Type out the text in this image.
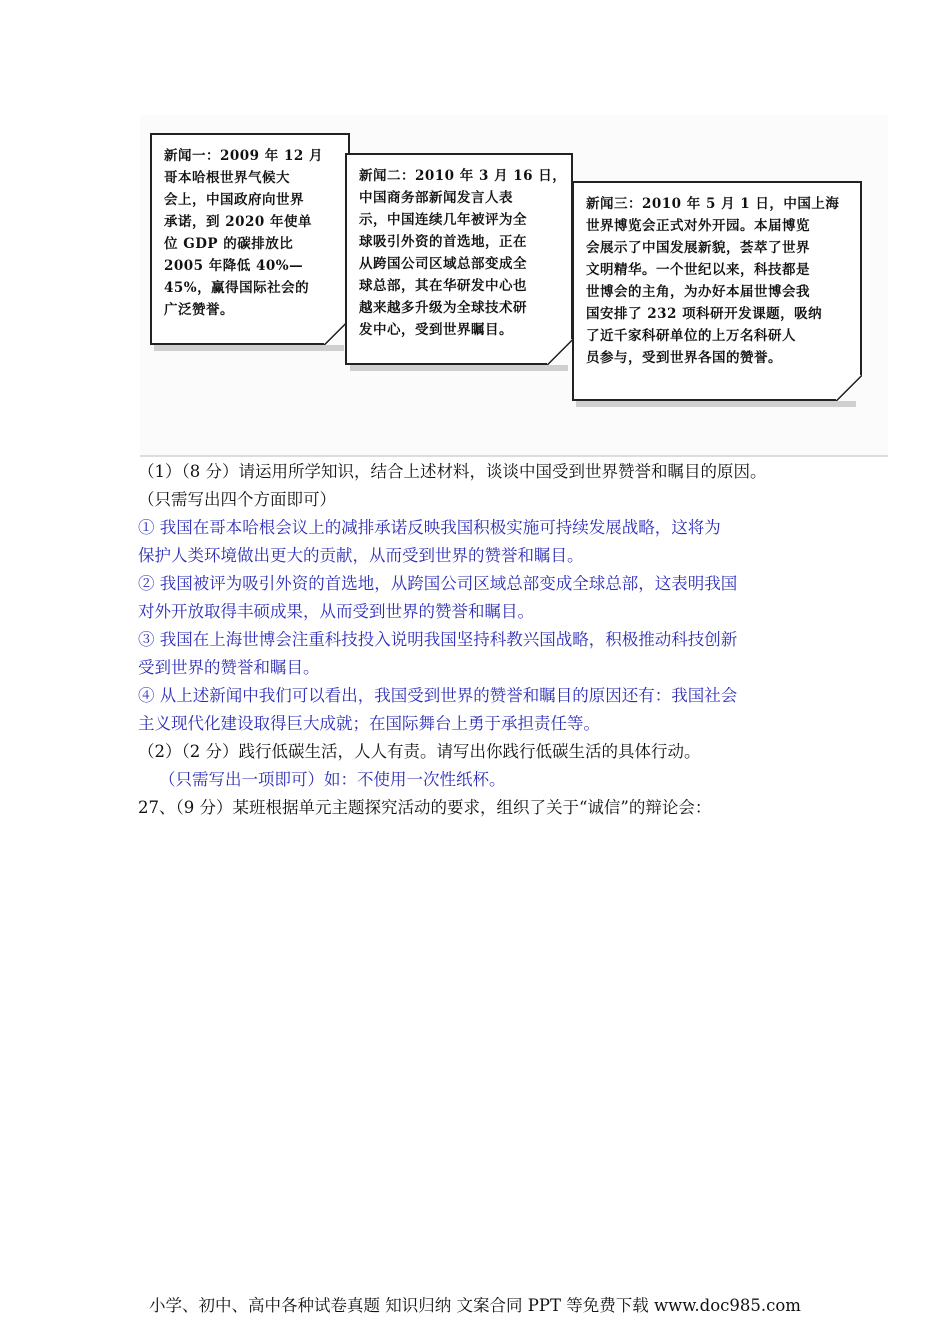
新闻一：2009 年 12 月
哥本哈根世界气候大
会上，中国政府向世界
承诺，到 2020 年使单
位 GDP 的碳排放比
2005 年降低 40%—
45%，赢得国际社会的
广泛赞誉。
新闻二：2010 年 3 月 16 日，
中国商务部新闻发言人表
示，中国连续几年被评为全
球吸引外资的首选地，正在
从跨国公司区域总部变成全
球总部，其在华研发中心也
越来越多升级为全球技术研
发中心，受到世界瞩目。
新闻三：2010 年 5 月 1 日，中国上海
世界博览会正式对外开园。本届博览
会展示了中国发展新貌，荟萃了世界
文明精华。一个世纪以来，科技都是
世博会的主角，为办好本届世博会我
国安排了 232 项科研开发课题，吸纳
了近千家科研单位的上万名科研人
员参与，受到世界各国的赞誉。
（1）（8 分）请运用所学知识，结合上述材料，谈谈中国受到世界赞誉和瞩目的原因。
（只需写出四个方面即可）
① 我国在哥本哈根会议上的减排承诺反映我国积极实施可持续发展战略，这将为
保护人类环境做出更大的贡献，从而受到世界的赞誉和瞩目。
② 我国被评为吸引外资的首选地，从跨国公司区域总部变成全球总部，这表明我国
对外开放取得丰硕成果，从而受到世界的赞誉和瞩目。
③ 我国在上海世博会注重科技投入说明我国坚持科教兴国战略，积极推动科技创新
受到世界的赞誉和瞩目。
④ 从上述新闻中我们可以看出，我国受到世界的赞誉和瞩目的原因还有：我国社会
主义现代化建设取得巨大成就；在国际舞台上勇于承担责任等。
（2）（2 分）践行低碳生活，人人有责。请写出你践行低碳生活的具体行动。
（只需写出一项即可）如：不使用一次性纸杯。
27、（9 分）某班根据单元主题探究活动的要求，组织了关于“诚信”的辩论会：
小学、初中、高中各种试卷真题 知识归纳 文案合同 PPT 等免费下载 www.doc985.com
